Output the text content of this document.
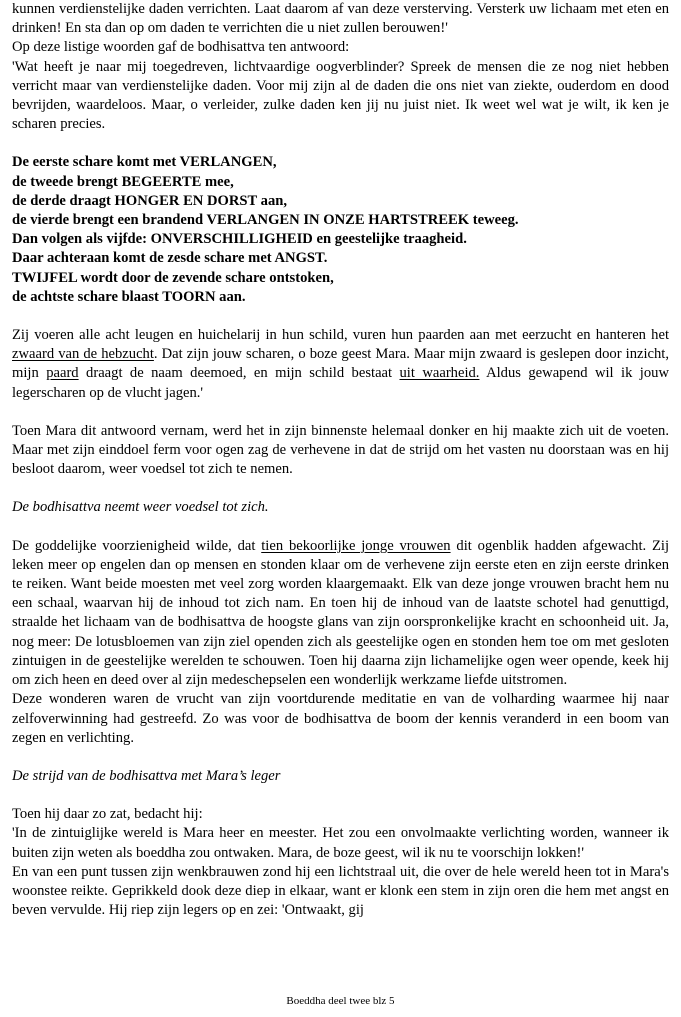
kunnen verdienstelijke daden verrichten. Laat daarom af van deze versterving. Versterk uw lichaam met eten en drinken! En sta dan op om daden te verrichten die u niet zullen berouwen!'

Op deze listige woorden gaf de bodhisattva ten antwoord:

'Wat heeft je naar mij toegedreven, lichtvaardige oogverblinder? Spreek de mensen die ze nog niet hebben verricht maar van verdienstelijke daden. Voor mij zijn al de daden die ons niet van ziekte, ouderdom en dood bevrijden, waardeloos. Maar, o verleider, zulke daden ken jij nu juist niet. Ik weet wel wat je wilt, ik ken je scharen precies.

De eerste schare komt met VERLANGEN,

de tweede brengt BEGEERTE mee,

de derde draagt HONGER EN DORST aan,

de vierde brengt een brandend VERLANGEN IN ONZE HARTSTREEK teweeg.

Dan volgen als vijfde: ONVERSCHILLIGHEID en geestelijke traagheid.

Daar achteraan komt de zesde schare met ANGST.

TWIJFEL wordt door de zevende schare ontstoken,

de achtste schare blaast TOORN aan.

Zij voeren alle acht leugen en huichelarij in hun schild, vuren hun paarden aan met eerzucht en hanteren het zwaard van de hebzucht. Dat zijn jouw scharen, o boze geest Mara. Maar mijn zwaard is geslepen door inzicht, mijn paard draagt de naam deemoed, en mijn schild bestaat uit waarheid. Aldus gewapend wil ik jouw legerscharen op de vlucht jagen.'

Toen Mara dit antwoord vernam, werd het in zijn binnenste helemaal donker en hij maakte zich uit de voeten. Maar met zijn einddoel ferm voor ogen zag de verhevene in dat de strijd om het vasten nu doorstaan was en hij besloot daarom, weer voedsel tot zich te nemen.

De bodhisattva neemt weer voedsel tot zich.

De goddelijke voorzienigheid wilde, dat tien bekoorlijke jonge vrouwen dit ogenblik hadden afgewacht. Zij leken meer op engelen dan op mensen en stonden klaar om de verhevene zijn eerste eten en zijn eerste drinken te reiken. Want beide moesten met veel zorg worden klaargemaakt. Elk van deze jonge vrouwen bracht hem nu een schaal, waarvan hij de inhoud tot zich nam. En toen hij de inhoud van de laatste schotel had genuttigd, straalde het lichaam van de bodhisattva de hoogste glans van zijn oorspronkelijke kracht en schoonheid uit. Ja, nog meer: De lotusbloemen van zijn ziel openden zich als geestelijke ogen en stonden hem toe om met gesloten zintuigen in de geestelijke werelden te schouwen. Toen hij daarna zijn lichamelijke ogen weer opende, keek hij om zich heen en deed over al zijn medeschepselen een wonderlijk werkzame liefde uitstromen.

Deze wonderen waren de vrucht van zijn voortdurende meditatie en van de volharding waarmee hij naar zelfoverwinning had gestreefd. Zo was voor de bodhisattva de boom der kennis veranderd in een boom van zegen en verlichting.

De strijd van de bodhisattva met Mara’s leger

Toen hij daar zo zat, bedacht hij:

'In de zintuiglijke wereld is Mara heer en meester. Het zou een onvolmaakte verlichting worden, wanneer ik buiten zijn weten als boeddha zou ontwaken. Mara, de boze geest, wil ik nu te voorschijn lokken!'

En van een punt tussen zijn wenkbrauwen zond hij een lichtstraal uit, die over de hele wereld heen tot in Mara's woonstee reikte. Geprikkeld dook deze diep in elkaar, want er klonk een stem in zijn oren die hem met angst en beven vervulde. Hij riep zijn legers op en zei: 'Ontwaakt, gij

Boeddha deel twee blz 5
